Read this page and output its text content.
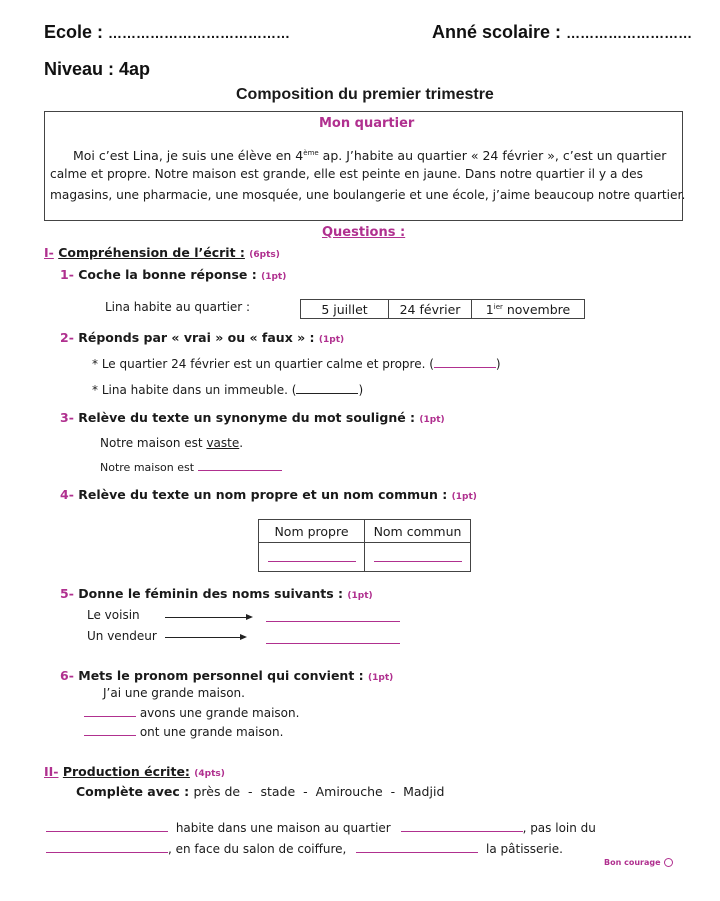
Ecole : …………………………………	Anné scolaire : ………………………
Niveau : 4ap
Composition du premier trimestre
Mon quartier
Moi c’est Lina, je suis une élève en 4ème ap. J’habite au quartier « 24 février », c’est un quartier
calme et propre. Notre maison est grande, elle est peinte en jaune. Dans notre quartier il y a des
magasins, une pharmacie, une mosquée, une boulangerie et une école, j’aime beaucoup notre quartier.
Questions :
I- Compréhension de l’écrit : (6pts)
1- Coche la bonne réponse : (1pt)
Lina habite au quartier :	5 juillet	24 février	$1^{ier}$ novembre
2- Réponds par « vrai » ou « faux » : (1pt)
* Le quartier 24 février est un quartier calme et propre. (	)
* Lina habite dans un immeuble. (	)
3- Relève du texte un synonyme du mot souligné : (1pt)
Notre maison est vaste.
Notre maison est
4- Relève du texte un nom propre et un nom commun : (1pt)
Nom propre	Nom commun

5- Donne le féminin des noms suivants : (1pt)
Le voisin
Un vendeur
6- Mets le pronom personnel qui convient : (1pt)
J’ai une grande maison.
avons une grande maison.
ont une grande maison.
II- Production écrite: (4pts)
Complète avec : près de  -  stade  -  Amirouche  -  Madjid
habite dans une maison au quartier	, pas loin du
, en face du salon de coiffure,	la pâtisserie.
Bon courage
